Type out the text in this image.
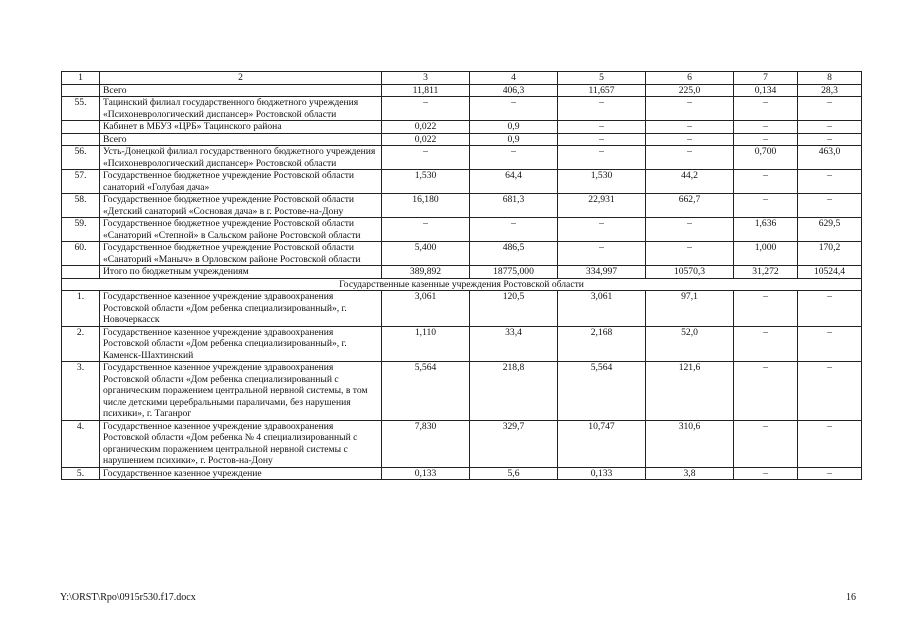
1	2	3	4	5	6	7	8
	Всего	11,811	406,3	11,657	225,0	0,134	28,3
55.	Тацинский филиал государственного бюджетного учреждения «Психоневрологический диспансер» Ростовской области	–	–	–	–	–	–
	Кабинет в МБУЗ «ЦРБ» Тацинского района	0,022	0,9	–	–	–	–
	Всего	0,022	0,9	–	–	–	–
56.	Усть-Донецкой филиал государственного бюджетного учреждения «Психоневрологический диспансер» Ростовской области	–	–	–	–	0,700	463,0
57.	Государственное бюджетное учреждение Ростовской области санаторий «Голубая дача»	1,530	64,4	1,530	44,2	–	–
58.	Государственное бюджетное учреждение Ростовской области «Детский санаторий «Сосновая дача» в г. Ростове-на-Дону	16,180	681,3	22,931	662,7	–	–
59.	Государственное бюджетное учреждение Ростовской области «Санаторий «Степной» в Сальском районе Ростовской области	–	–	–	–	1,636	629,5
60.	Государственное бюджетное учреждение Ростовской области «Санаторий «Маныч» в Орловском районе Ростовской области	5,400	486,5	–	–	1,000	170,2
	Итого по бюджетным учреждениям	389,892	18775,000	334,997	10570,3	31,272	10524,4
Государственные казенные учреждения Ростовской области							
1.	Государственное казенное учреждение здравоохранения Ростовской области «Дом ребенка специализированный», г. Новочеркасск	3,061	120,5	3,061	97,1	–	–
2.	Государственное казенное учреждение здравоохранения Ростовской области «Дом ребенка специализированный», г. Каменск-Шахтинский	1,110	33,4	2,168	52,0	–	–
3.	Государственное казенное учреждение здравоохранения Ростовской области «Дом ребенка специализированный с органическим поражением центральной нервной системы, в том числе детскими церебральными параличами, без нарушения психики», г. Таганрог	5,564	218,8	5,564	121,6	–	–
4.	Государственное казенное учреждение здравоохранения Ростовской области «Дом ребенка № 4 специализированный с органическим поражением центральной нервной системы с нарушением психики», г. Ростов-на-Дону	7,830	329,7	10,747	310,6	–	–
5.	Государственное казенное учреждение	0,133	5,6	0,133	3,8	–	–
Y:\ORST\Rpo\0915r530.f17.docx	16
